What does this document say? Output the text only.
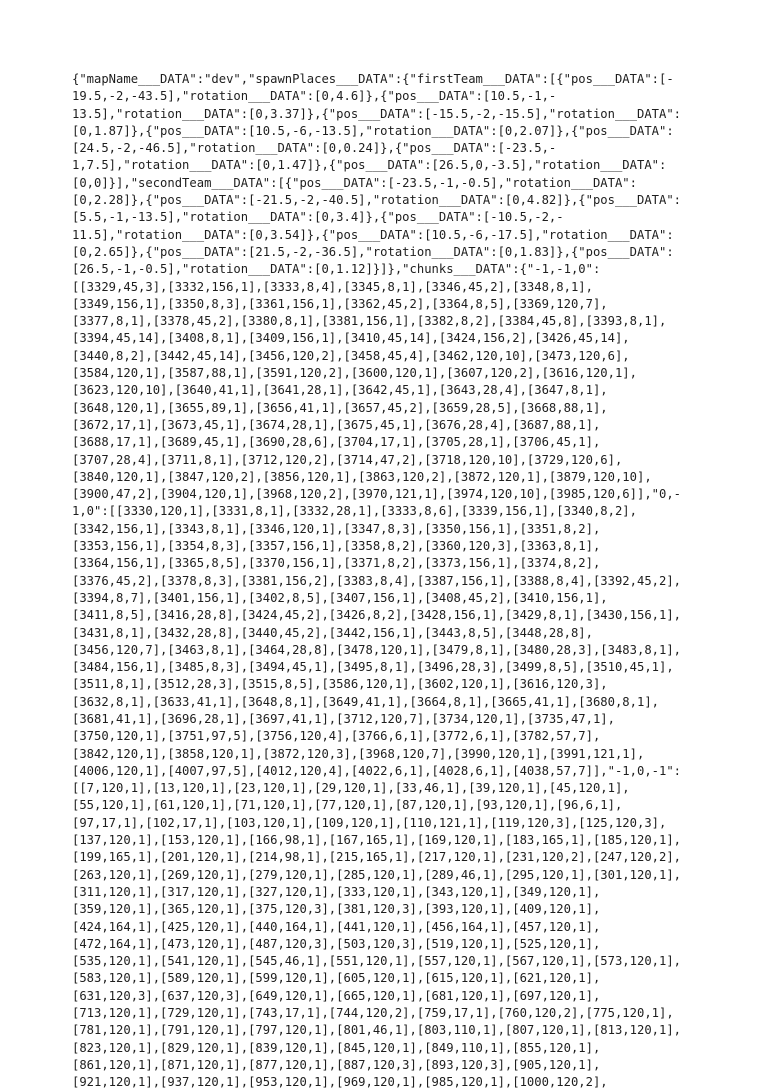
{"mapName___DATA":"dev","spawnPlaces___DATA":{"firstTeam___DATA":[{"pos___DATA":[-
19.5,-2,-43.5],"rotation___DATA":[0,4.6]},{"pos___DATA":[10.5,-1,-
13.5],"rotation___DATA":[0,3.37]},{"pos___DATA":[-15.5,-2,-15.5],"rotation___DATA":
[0,1.87]},{"pos___DATA":[10.5,-6,-13.5],"rotation___DATA":[0,2.07]},{"pos___DATA":
[24.5,-2,-46.5],"rotation___DATA":[0,0.24]},{"pos___DATA":[-23.5,-
1,7.5],"rotation___DATA":[0,1.47]},{"pos___DATA":[26.5,0,-3.5],"rotation___DATA":
[0,0]}],"secondTeam___DATA":[{"pos___DATA":[-23.5,-1,-0.5],"rotation___DATA":
[0,2.28]},{"pos___DATA":[-21.5,-2,-40.5],"rotation___DATA":[0,4.82]},{"pos___DATA":
[5.5,-1,-13.5],"rotation___DATA":[0,3.4]},{"pos___DATA":[-10.5,-2,-
11.5],"rotation___DATA":[0,3.54]},{"pos___DATA":[10.5,-6,-17.5],"rotation___DATA":
[0,2.65]},{"pos___DATA":[21.5,-2,-36.5],"rotation___DATA":[0,1.83]},{"pos___DATA":
[26.5,-1,-0.5],"rotation___DATA":[0,1.12]}]},"chunks___DATA":{"-1,-1,0":
[[3329,45,3],[3332,156,1],[3333,8,4],[3345,8,1],[3346,45,2],[3348,8,1],
[3349,156,1],[3350,8,3],[3361,156,1],[3362,45,2],[3364,8,5],[3369,120,7],
[3377,8,1],[3378,45,2],[3380,8,1],[3381,156,1],[3382,8,2],[3384,45,8],[3393,8,1],
[3394,45,14],[3408,8,1],[3409,156,1],[3410,45,14],[3424,156,2],[3426,45,14],
[3440,8,2],[3442,45,14],[3456,120,2],[3458,45,4],[3462,120,10],[3473,120,6],
[3584,120,1],[3587,88,1],[3591,120,2],[3600,120,1],[3607,120,2],[3616,120,1],
[3623,120,10],[3640,41,1],[3641,28,1],[3642,45,1],[3643,28,4],[3647,8,1],
[3648,120,1],[3655,89,1],[3656,41,1],[3657,45,2],[3659,28,5],[3668,88,1],
[3672,17,1],[3673,45,1],[3674,28,1],[3675,45,1],[3676,28,4],[3687,88,1],
[3688,17,1],[3689,45,1],[3690,28,6],[3704,17,1],[3705,28,1],[3706,45,1],
[3707,28,4],[3711,8,1],[3712,120,2],[3714,47,2],[3718,120,10],[3729,120,6],
[3840,120,1],[3847,120,2],[3856,120,1],[3863,120,2],[3872,120,1],[3879,120,10],
[3900,47,2],[3904,120,1],[3968,120,2],[3970,121,1],[3974,120,10],[3985,120,6]],"0,-
1,0":[[3330,120,1],[3331,8,1],[3332,28,1],[3333,8,6],[3339,156,1],[3340,8,2],
[3342,156,1],[3343,8,1],[3346,120,1],[3347,8,3],[3350,156,1],[3351,8,2],
[3353,156,1],[3354,8,3],[3357,156,1],[3358,8,2],[3360,120,3],[3363,8,1],
[3364,156,1],[3365,8,5],[3370,156,1],[3371,8,2],[3373,156,1],[3374,8,2],
[3376,45,2],[3378,8,3],[3381,156,2],[3383,8,4],[3387,156,1],[3388,8,4],[3392,45,2],
[3394,8,7],[3401,156,1],[3402,8,5],[3407,156,1],[3408,45,2],[3410,156,1],
[3411,8,5],[3416,28,8],[3424,45,2],[3426,8,2],[3428,156,1],[3429,8,1],[3430,156,1],
[3431,8,1],[3432,28,8],[3440,45,2],[3442,156,1],[3443,8,5],[3448,28,8],
[3456,120,7],[3463,8,1],[3464,28,8],[3478,120,1],[3479,8,1],[3480,28,3],[3483,8,1],
[3484,156,1],[3485,8,3],[3494,45,1],[3495,8,1],[3496,28,3],[3499,8,5],[3510,45,1],
[3511,8,1],[3512,28,3],[3515,8,5],[3586,120,1],[3602,120,1],[3616,120,3],
[3632,8,1],[3633,41,1],[3648,8,1],[3649,41,1],[3664,8,1],[3665,41,1],[3680,8,1],
[3681,41,1],[3696,28,1],[3697,41,1],[3712,120,7],[3734,120,1],[3735,47,1],
[3750,120,1],[3751,97,5],[3756,120,4],[3766,6,1],[3772,6,1],[3782,57,7],
[3842,120,1],[3858,120,1],[3872,120,3],[3968,120,7],[3990,120,1],[3991,121,1],
[4006,120,1],[4007,97,5],[4012,120,4],[4022,6,1],[4028,6,1],[4038,57,7]],"-1,0,-1":
[[7,120,1],[13,120,1],[23,120,1],[29,120,1],[33,46,1],[39,120,1],[45,120,1],
[55,120,1],[61,120,1],[71,120,1],[77,120,1],[87,120,1],[93,120,1],[96,6,1],
[97,17,1],[102,17,1],[103,120,1],[109,120,1],[110,121,1],[119,120,3],[125,120,3],
[137,120,1],[153,120,1],[166,98,1],[167,165,1],[169,120,1],[183,165,1],[185,120,1],
[199,165,1],[201,120,1],[214,98,1],[215,165,1],[217,120,1],[231,120,2],[247,120,2],
[263,120,1],[269,120,1],[279,120,1],[285,120,1],[289,46,1],[295,120,1],[301,120,1],
[311,120,1],[317,120,1],[327,120,1],[333,120,1],[343,120,1],[349,120,1],
[359,120,1],[365,120,1],[375,120,3],[381,120,3],[393,120,1],[409,120,1],
[424,164,1],[425,120,1],[440,164,1],[441,120,1],[456,164,1],[457,120,1],
[472,164,1],[473,120,1],[487,120,3],[503,120,3],[519,120,1],[525,120,1],
[535,120,1],[541,120,1],[545,46,1],[551,120,1],[557,120,1],[567,120,1],[573,120,1],
[583,120,1],[589,120,1],[599,120,1],[605,120,1],[615,120,1],[621,120,1],
[631,120,3],[637,120,3],[649,120,1],[665,120,1],[681,120,1],[697,120,1],
[713,120,1],[729,120,1],[743,17,1],[744,120,2],[759,17,1],[760,120,2],[775,120,1],
[781,120,1],[791,120,1],[797,120,1],[801,46,1],[803,110,1],[807,120,1],[813,120,1],
[823,120,1],[829,120,1],[839,120,1],[845,120,1],[849,110,1],[855,120,1],
[861,120,1],[871,120,1],[877,120,1],[887,120,3],[893,120,3],[905,120,1],
[921,120,1],[937,120,1],[953,120,1],[969,120,1],[985,120,1],[1000,120,2],
